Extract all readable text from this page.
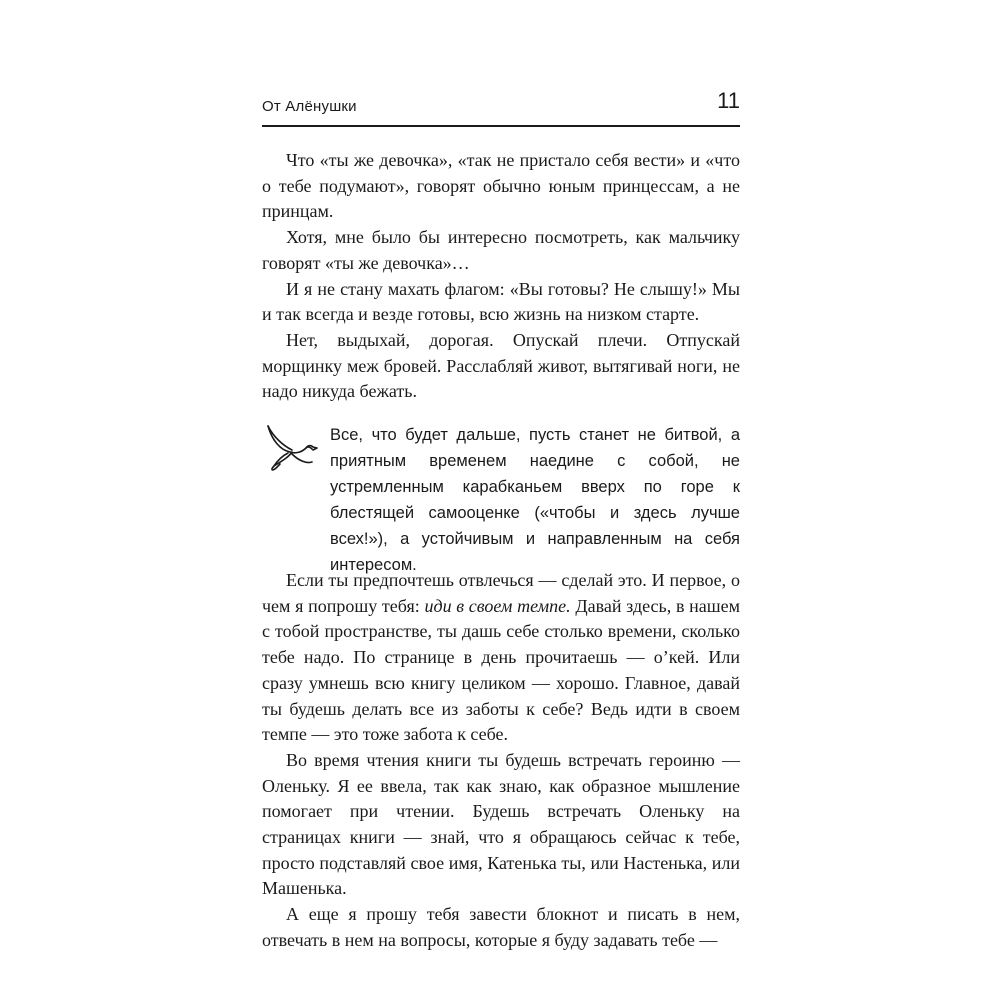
От Алёнушки	11

Что «ты же девочка», «так не пристало себя вести» и «что о тебе подумают», говорят обычно юным принцессам, а не принцам.

Хотя, мне было бы интересно посмотреть, как мальчику говорят «ты же девочка»…

И я не стану махать флагом: «Вы готовы? Не слышу!» Мы и так всегда и везде готовы, всю жизнь на низком старте.

Нет, выдыхай, дорогая. Опускай плечи. Отпускай морщинку меж бровей. Расслабляй живот, вытягивай ноги, не надо никуда бежать.

Все, что будет дальше, пусть станет не битвой, а приятным временем наедине с собой, не устремленным карабканьем вверх по горе к блестящей самооценке («чтобы и здесь лучше всех!»), а устойчивым и направленным на себя интересом.

Если ты предпочтешь отвлечься — сделай это. И первое, о чем я попрошу тебя: иди в своем темпе. Давай здесь, в нашем с тобой пространстве, ты дашь себе столько времени, сколько тебе надо. По странице в день прочитаешь — о’кей. Или сразу умнешь всю книгу целиком — хорошо. Главное, давай ты будешь делать все из заботы к себе? Ведь идти в своем темпе — это тоже забота к себе.

Во время чтения книги ты будешь встречать героиню — Оленьку. Я ее ввела, так как знаю, как образное мышление помогает при чтении. Будешь встречать Оленьку на страницах книги — знай, что я обращаюсь сейчас к тебе, просто подставляй свое имя, Катенька ты, или Настенька, или Машенька.

А еще я прошу тебя завести блокнот и писать в нем, отвечать в нем на вопросы, которые я буду задавать тебе —
